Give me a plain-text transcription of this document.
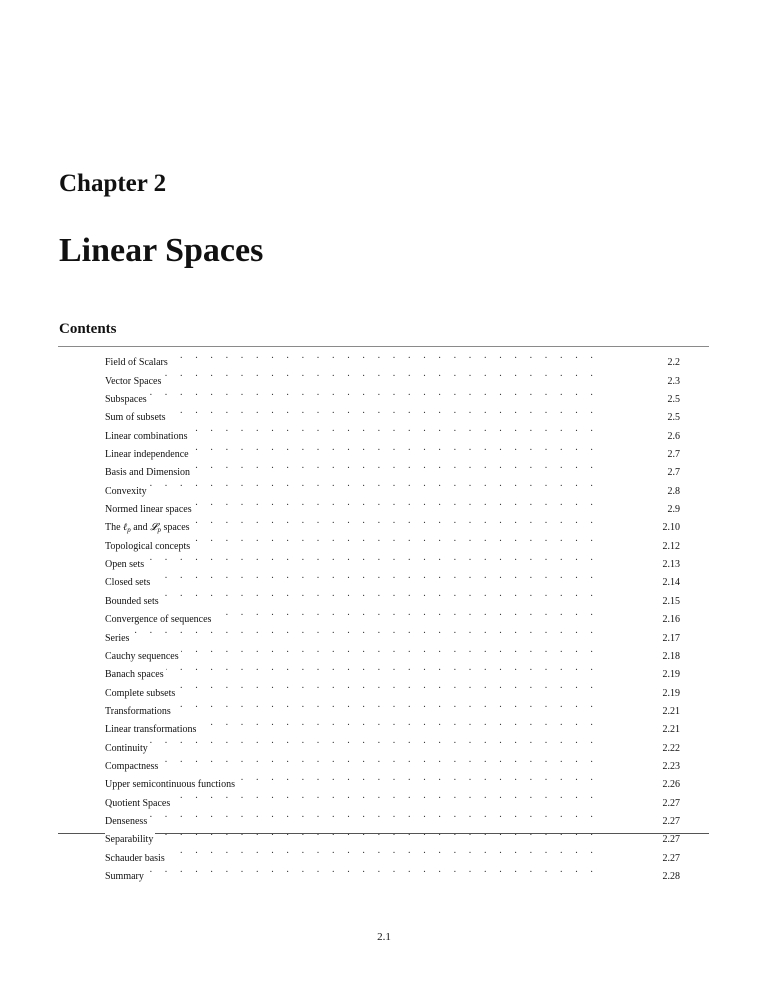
Chapter 2
Linear Spaces
Contents
Field of Scalars . . .	2.2
Vector Spaces . . .	2.3
Subspaces . . .	2.5
Sum of subsets . . .	2.5
Linear combinations . . .	2.6
Linear independence . . .	2.7
Basis and Dimension . . .	2.7
Convexity . . .	2.8
Normed linear spaces . . .	2.9
The ℓ$_p$ and 𝓛$_p$ spaces . . .	2.10
Topological concepts . . .	2.12
Open sets . . .	2.13
Closed sets . . .	2.14
Bounded sets . . .	2.15
Convergence of sequences . . .	2.16
Series . . .	2.17
Cauchy sequences . . .	2.18
Banach spaces . . .	2.19
Complete subsets . . .	2.19
Transformations . . .	2.21
Linear transformations . . .	2.21
Continuity . . .	2.22
Compactness . . .	2.23
Upper semicontinuous functions . . .	2.26
Quotient Spaces . . .	2.27
Denseness . . .	2.27
Separability . . .	2.27
Schauder basis . . .	2.27
Summary . . .	2.28
2.1
